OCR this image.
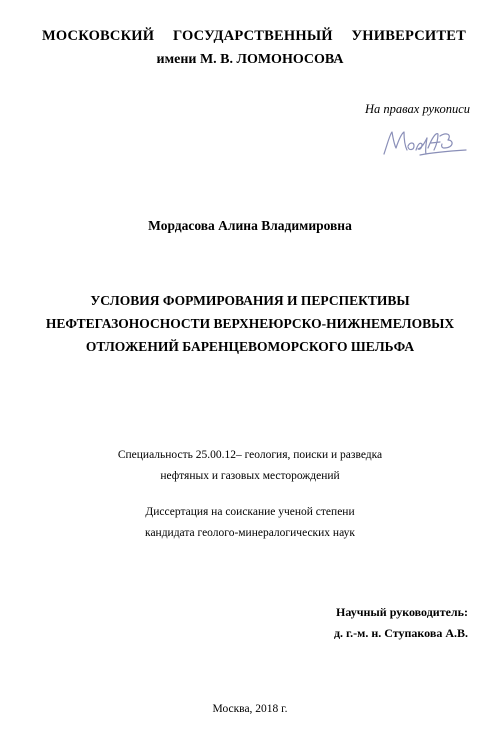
МОСКОВСКИЙ ГОСУДАРСТВЕННЫЙ УНИВЕРСИТЕТ
имени М. В. ЛОМОНОСОВА
На правах рукописи
Мордасова Алина Владимировна
УСЛОВИЯ ФОРМИРОВАНИЯ И ПЕРСПЕКТИВЫ
НЕФТЕГАЗОНОСНОСТИ ВЕРХНЕЮРСКО-НИЖНЕМЕЛОВЫХ
ОТЛОЖЕНИЙ БАРЕНЦЕВОМОРСКОГО ШЕЛЬФА
Специальность 25.00.12– геология, поиски и разведка
нефтяных и газовых месторождений
Диссертация на соискание ученой степени
кандидата геолого-минералогических наук
Научный руководитель:
д. г.-м. н. Ступакова А.В.
Москва, 2018 г.
